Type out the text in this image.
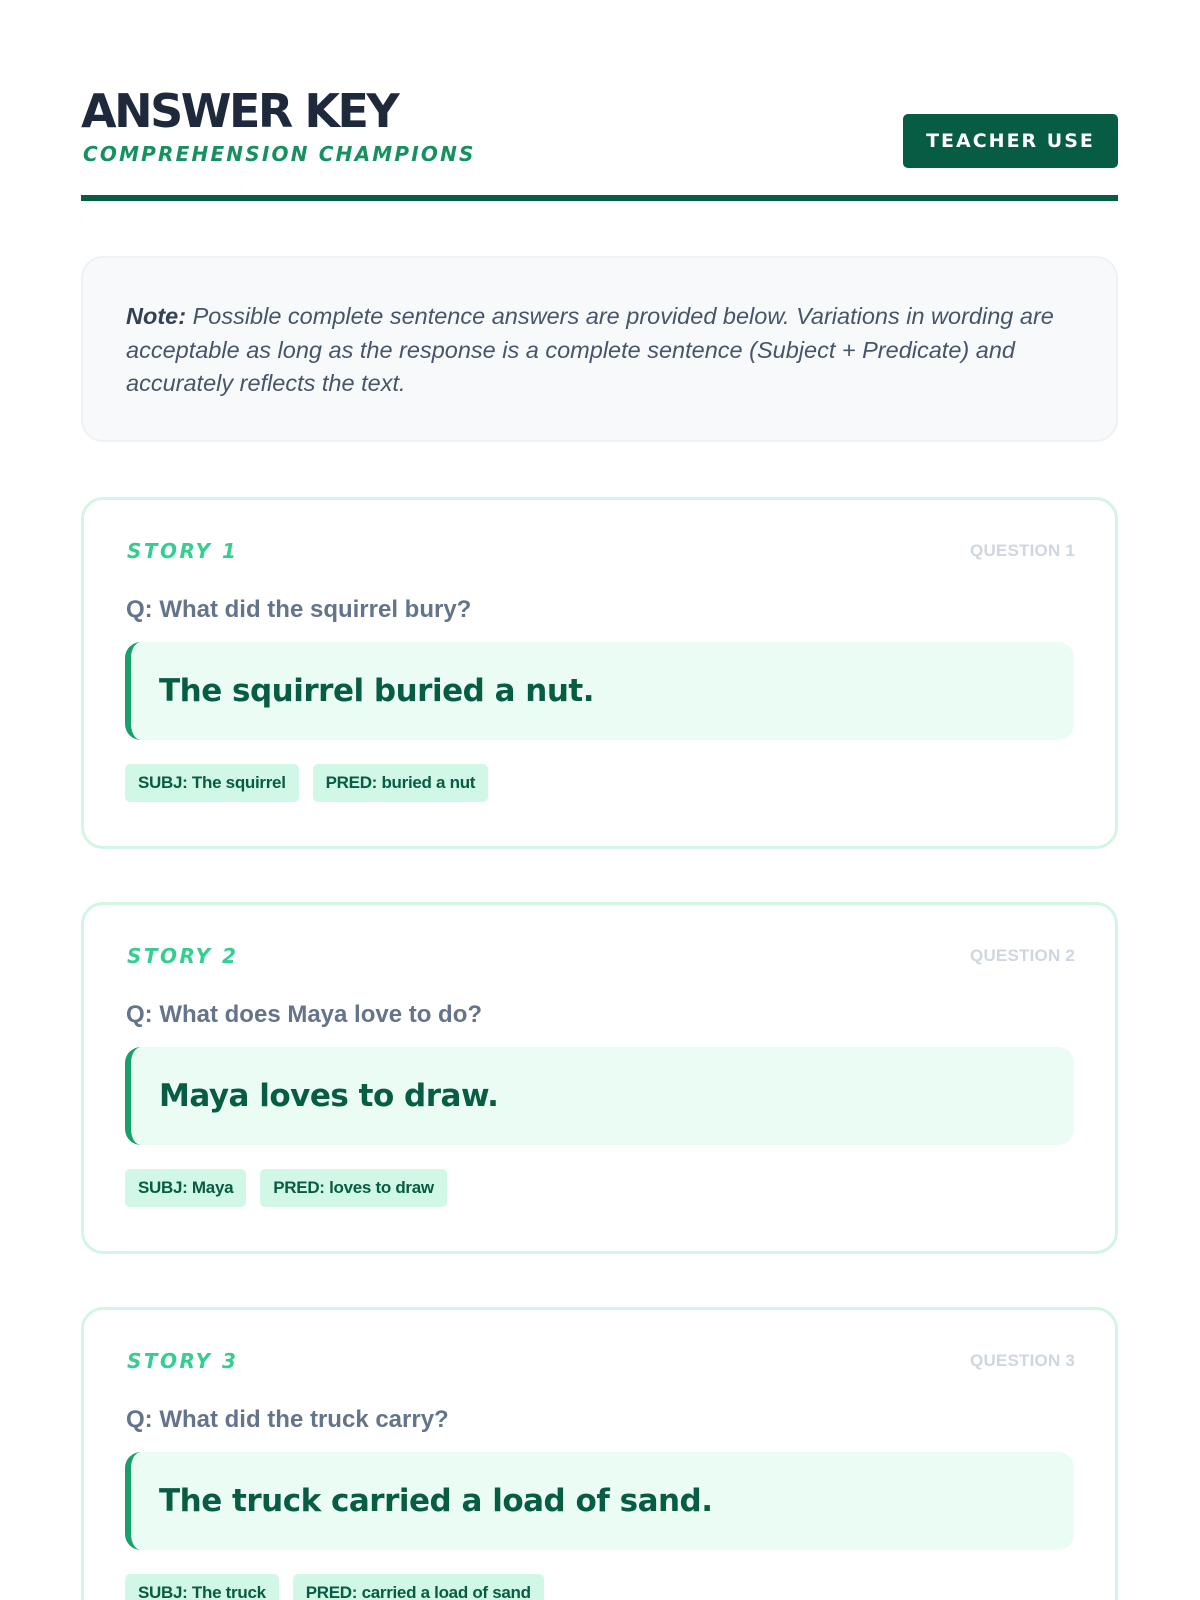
ANSWER KEY
COMPREHENSION CHAMPIONS
TEACHER USE
Note: Possible complete sentence answers are provided below. Variations in wording are acceptable as long as the response is a complete sentence (Subject + Predicate) and accurately reflects the text.
STORY 1	QUESTION 1
Q: What did the squirrel bury?
The squirrel buried a nut.
SUBJ: The squirrel	PRED: buried a nut
STORY 2	QUESTION 2
Q: What does Maya love to do?
Maya loves to draw.
SUBJ: Maya	PRED: loves to draw
STORY 3	QUESTION 3
Q: What did the truck carry?
The truck carried a load of sand.
SUBJ: The truck	PRED: carried a load of sand
